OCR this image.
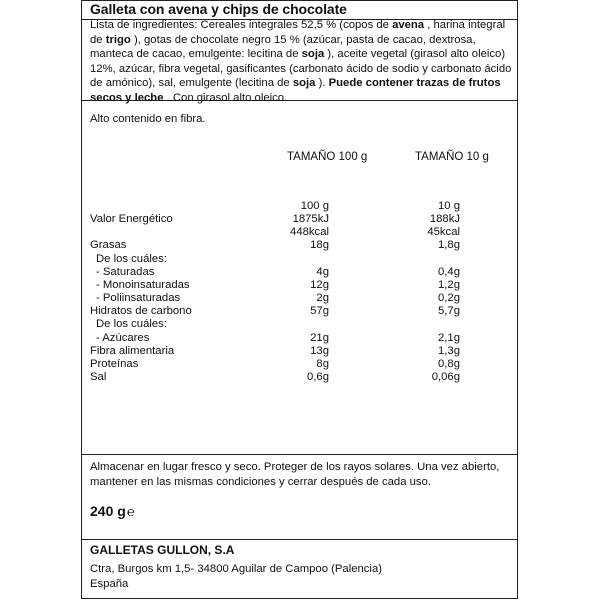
Galleta con avena y chips de chocolate
Lista de ingredientes: Cereales integrales 52,5 % (copos de avena , harina integral de trigo ), gotas de chocolate negro 15 % (azúcar, pasta de cacao, dextrosa, manteca de cacao, emulgente: lecitina de soja ), aceite vegetal (girasol alto oleico) 12%, azúcar, fibra vegetal, gasificantes (carbonato ácido de sodio y carbonato ácido de amónico), sal, emulgente (lecitina de soja ). Puede contener trazas de frutos secos y leche . Con girasol alto oleico.
Alto contenido en fibra.
TAMAÑO 100 g	TAMAÑO 10 g
100 g	10 g
Valor Energético	1875kJ	188kJ
448kcal	45kcal
Grasas	18g	1,8g
De los cuáles:
- Saturadas	4g	0,4g
- Monoinsaturadas	12g	1,2g
- Poliinsaturadas	2g	0,2g
Hidratos de carbono	57g	5,7g
De los cuáles:
- Azúcares	21g	2,1g
Fibra alimentaria	13g	1,3g
Proteínas	8g	0,8g
Sal	0,6g	0,06g
Almacenar en lugar fresco y seco. Proteger de los rayos solares. Una vez abierto, mantener en las mismas condiciones y cerrar después de cada uso.
240 g℮
GALLETAS GULLON, S.A
Ctra, Burgos km 1,5- 34800 Aguilar de Campoo (Palencia)
España
